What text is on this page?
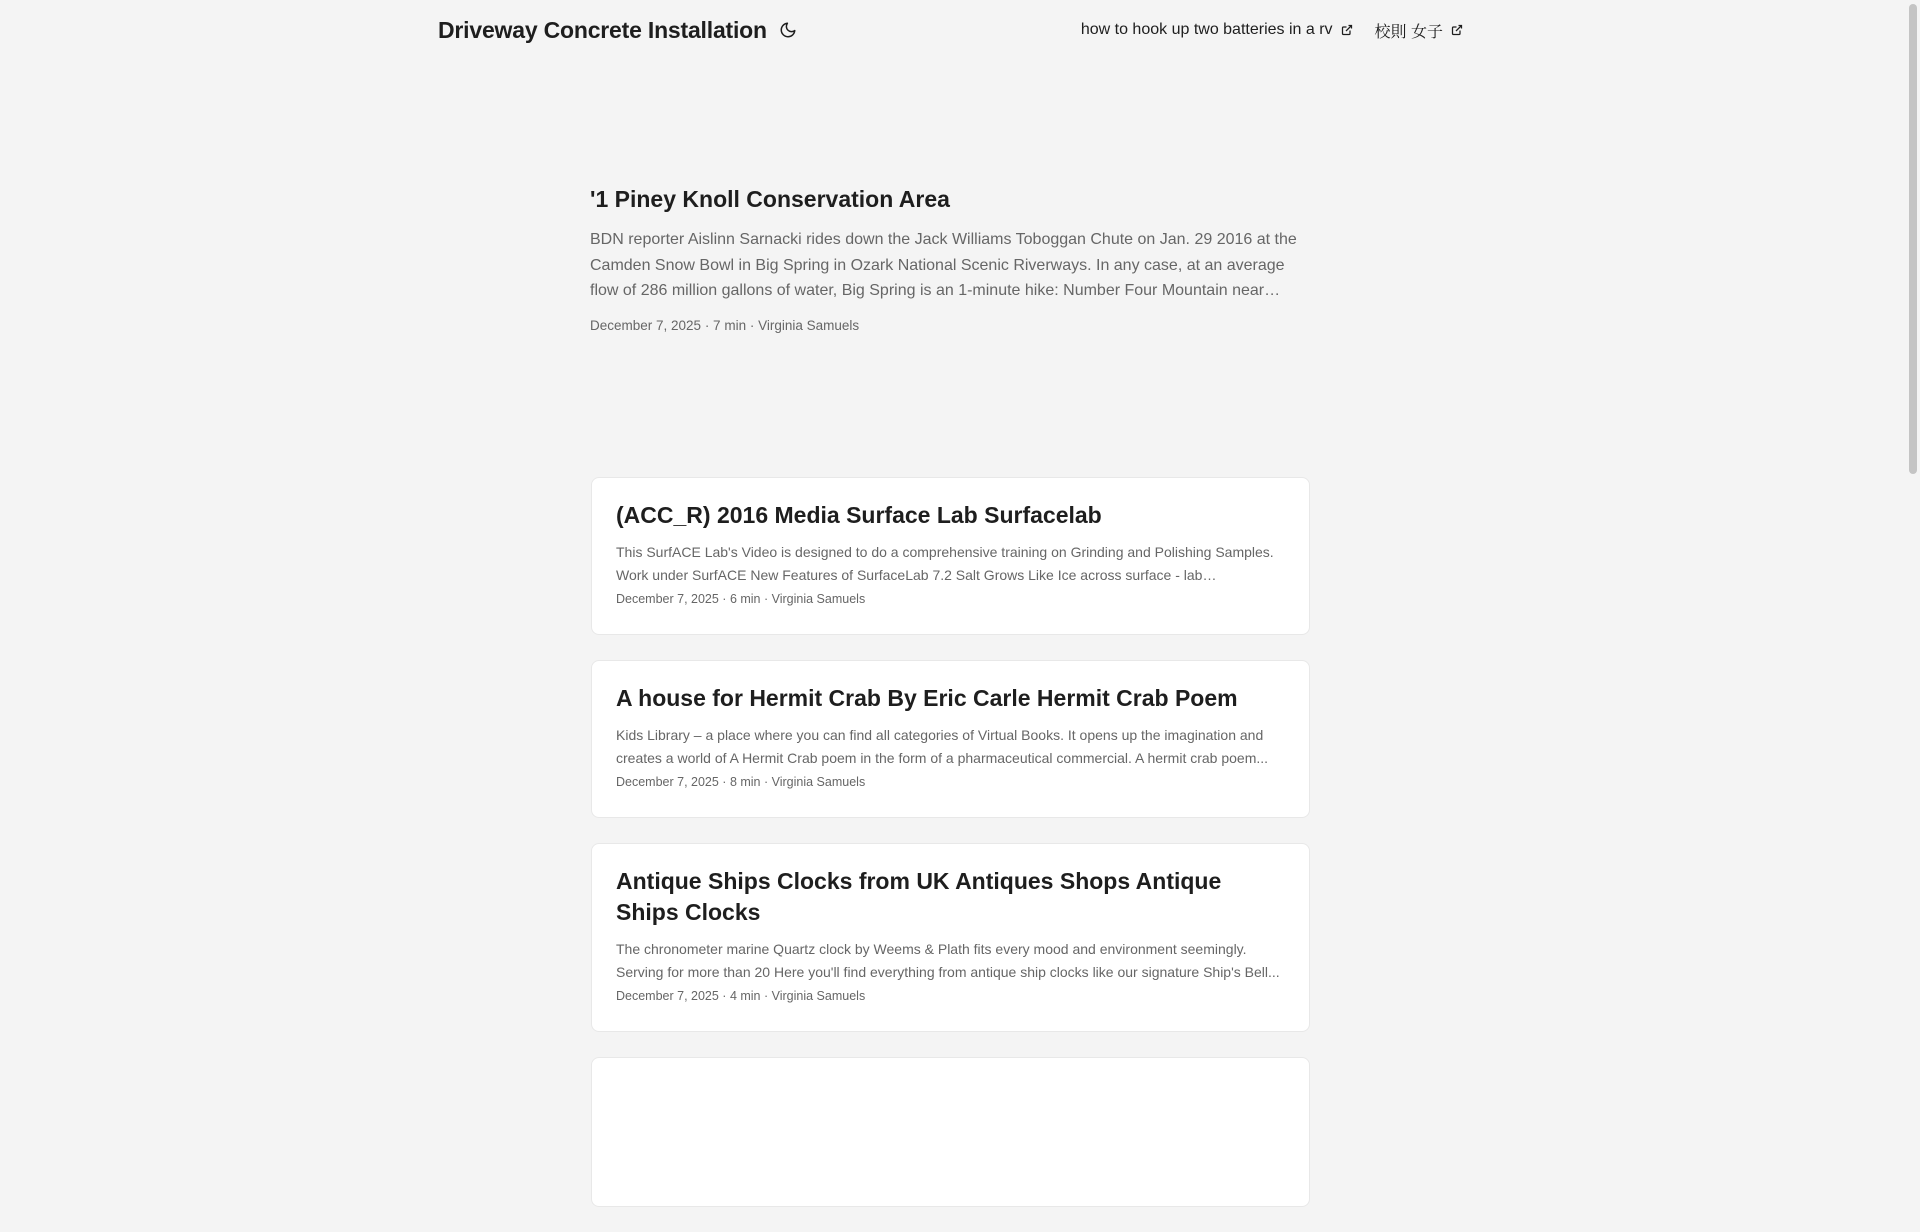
Driveway Concrete Installation	how to hook up two batteries in a rv	校則 女子
'1 Piney Knoll Conservation Area

BDN reporter Aislinn Sarnacki rides down the Jack Williams Toboggan Chute on Jan. 29 2016 at the Camden Snow Bowl in Big Spring in Ozark National Scenic Riverways. In any case, at an average flow of 286 million gallons of water, Big Spring is an 1-minute hike: Number Four Mountain near

December 7, 2025 · 7 min · Virginia Samuels
(ACC_R) 2016 Media Surface Lab Surfacelab

This SurfACE Lab's Video is designed to do a comprehensive training on Grinding and Polishing Samples. Work under SurfACE New Features of SurfaceLab 7.2 Salt Grows Like Ice across surface - lab

December 7, 2025 · 6 min · Virginia Samuels
A house for Hermit Crab By Eric Carle Hermit Crab Poem

Kids Library – a place where you can find all categories of Virtual Books. It opens up the imagination and creates a world of A Hermit Crab poem in the form of a pharmaceutical commercial. A hermit crab poem...

December 7, 2025 · 8 min · Virginia Samuels
Antique Ships Clocks from UK Antiques Shops Antique Ships Clocks

The chronometer marine Quartz clock by Weems & Plath fits every mood and environment seemingly. Serving for more than 20 Here you'll find everything from antique ship clocks like our signature Ship's Bell...

December 7, 2025 · 4 min · Virginia Samuels
